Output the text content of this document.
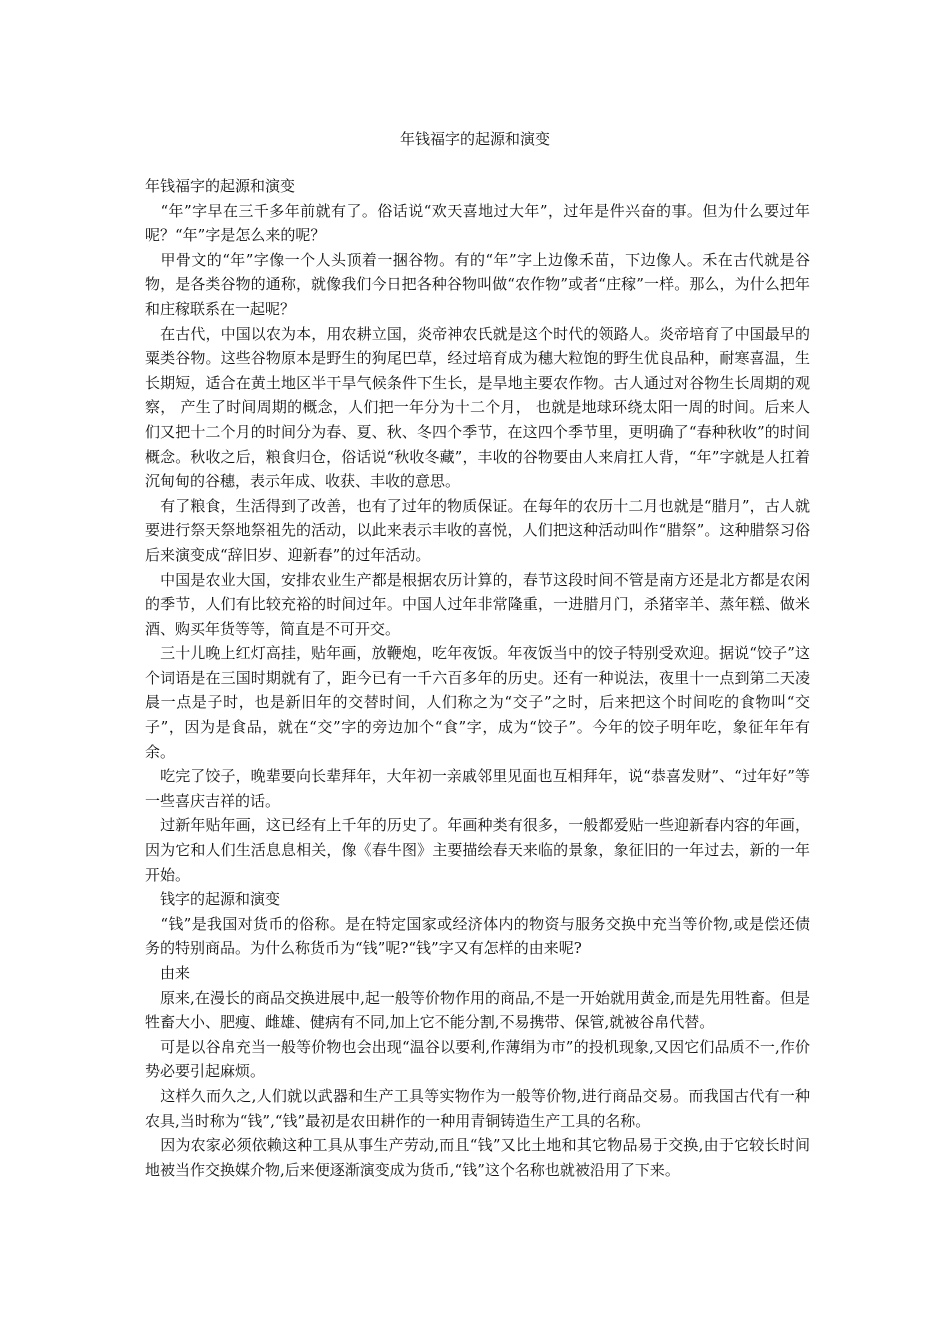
年钱福字的起源和演变

年钱福字的起源和演变

　“年”字早在三千多年前就有了。俗话说“欢天喜地过大年”，过年是件兴奋的事。但为什么要过年呢？“年”字是怎么来的呢？

　甲骨文的“年”字像一个人头顶着一捆谷物。有的“年”字上边像禾苗，下边像人。禾在古代就是谷物，是各类谷物的通称，就像我们今日把各种谷物叫做“农作物”或者“庄稼”一样。那么，为什么把年和庄稼联系在一起呢？

　在古代，中国以农为本，用农耕立国，炎帝神农氏就是这个时代的领路人。炎帝培育了中国最早的粟类谷物。这些谷物原本是野生的狗尾巴草，经过培育成为穗大粒饱的野生优良品种，耐寒喜温，生长期短，适合在黄土地区半干旱气候条件下生长，是旱地主要农作物。古人通过对谷物生长周期的观察， 产生了时间周期的概念，人们把一年分为十二个月， 也就是地球环绕太阳一周的时间。后来人们又把十二个月的时间分为春、夏、秋、冬四个季节，在这四个季节里，更明确了“春种秋收”的时间概念。秋收之后，粮食归仓，俗话说“秋收冬藏”，丰收的谷物要由人来肩扛人背，“年”字就是人扛着沉甸甸的谷穗，表示年成、收获、丰收的意思。

　有了粮食，生活得到了改善，也有了过年的物质保证。在每年的农历十二月也就是“腊月”，古人就要进行祭天祭地祭祖先的活动，以此来表示丰收的喜悦，人们把这种活动叫作“腊祭”。这种腊祭习俗后来演变成“辞旧岁、迎新春”的过年活动。

　中国是农业大国，安排农业生产都是根据农历计算的，春节这段时间不管是南方还是北方都是农闲的季节，人们有比较充裕的时间过年。中国人过年非常隆重，一进腊月门，杀猪宰羊、蒸年糕、做米酒、购买年货等等，简直是不可开交。

　三十儿晚上红灯高挂，贴年画，放鞭炮，吃年夜饭。年夜饭当中的饺子特别受欢迎。据说“饺子”这个词语是在三国时期就有了，距今已有一千六百多年的历史。还有一种说法，夜里十一点到第二天凌晨一点是子时，也是新旧年的交替时间，人们称之为“交子”之时，后来把这个时间吃的食物叫“交子”，因为是食品，就在“交”字的旁边加个“食”字，成为“饺子”。今年的饺子明年吃，象征年年有余。

　吃完了饺子，晚辈要向长辈拜年，大年初一亲戚邻里见面也互相拜年，说“恭喜发财”、“过年好”等一些喜庆吉祥的话。

　过新年贴年画，这已经有上千年的历史了。年画种类有很多，一般都爱贴一些迎新春内容的年画，因为它和人们生活息息相关，像《春牛图》主要描绘春天来临的景象，象征旧的一年过去，新的一年开始。

　钱字的起源和演变

　“钱”是我国对货币的俗称。是在特定国家或经济体内的物资与服务交换中充当等价物,或是偿还债务的特别商品。为什么称货币为“钱”呢?“钱”字又有怎样的由来呢?

　由来

　原来,在漫长的商品交换进展中,起一般等价物作用的商品,不是一开始就用黄金,而是先用牲畜。但是牲畜大小、肥瘦、雌雄、健病有不同,加上它不能分割,不易携带、保管,就被谷帛代替。

　可是以谷帛充当一般等价物也会出现“温谷以要利,作薄绢为市”的投机现象,又因它们品质不一,作价势必要引起麻烦。

　这样久而久之,人们就以武器和生产工具等实物作为一般等价物,进行商品交易。而我国古代有一种农具,当时称为“钱”,“钱”最初是农田耕作的一种用青铜铸造生产工具的名称。

　因为农家必须依赖这种工具从事生产劳动,而且“钱”又比土地和其它物品易于交换,由于它较长时间地被当作交换媒介物,后来便逐渐演变成为货币,“钱”这个名称也就被沿用了下来。
